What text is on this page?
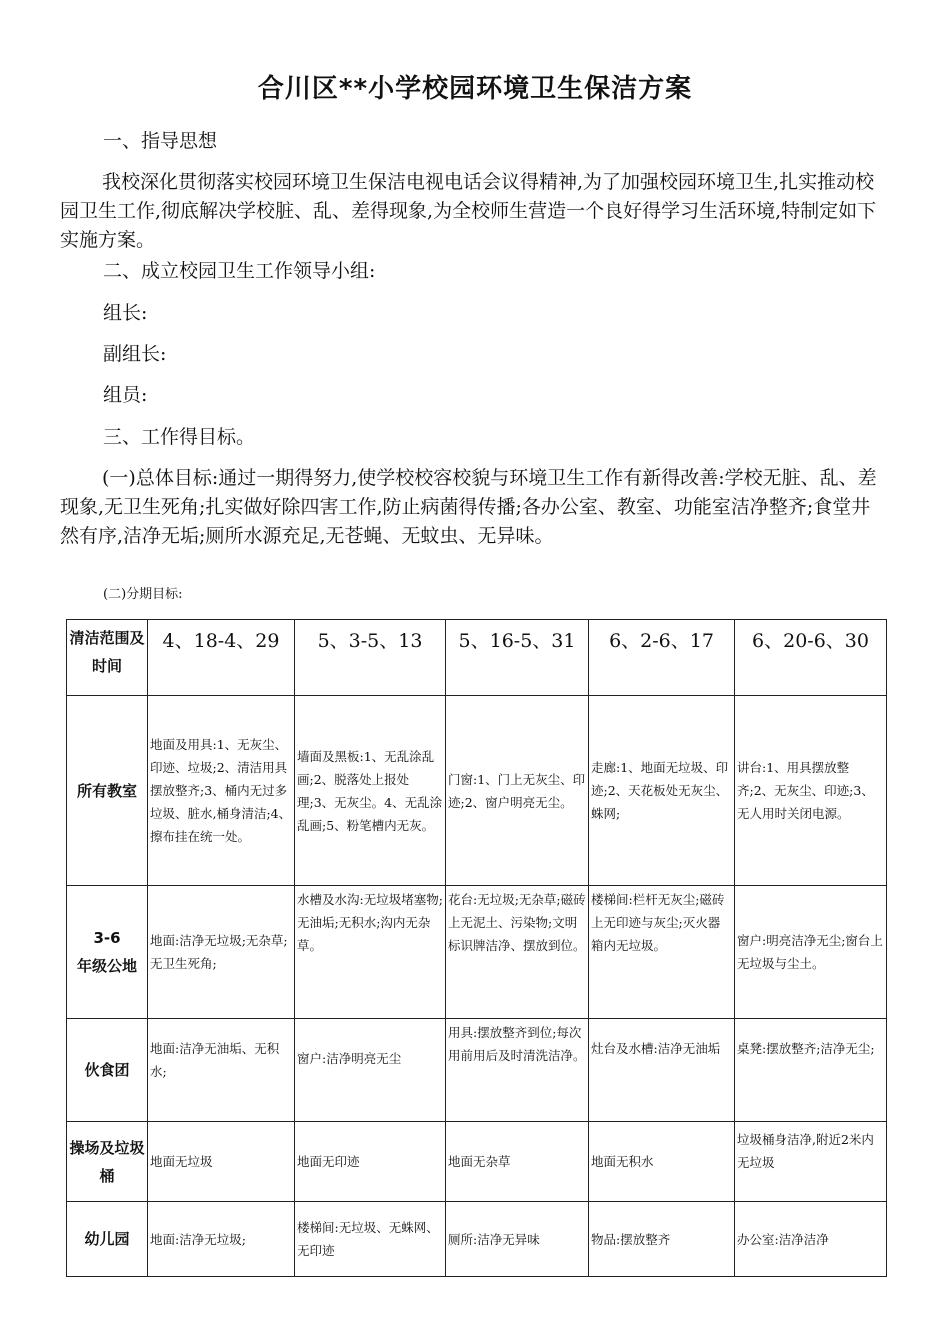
合川区**小学校园环境卫生保洁方案

一、指导思想

我校深化贯彻落实校园环境卫生保洁电视电话会议得精神,为了加强校园环境卫生,扎实推动校园卫生工作,彻底解决学校脏、乱、差得现象,为全校师生营造一个良好得学习生活环境,特制定如下实施方案。

二、成立校园卫生工作领导小组:

组长:

副组长:

组员:

三、工作得目标。

(一)总体目标:通过一期得努力,使学校校容校貌与环境卫生工作有新得改善:学校无脏、乱、差现象,无卫生死角;扎实做好除四害工作,防止病菌得传播;各办公室、教室、功能室洁净整齐;食堂井然有序,洁净无垢;厕所水源充足,无苍蝇、无蚊虫、无异味。

(二)分期目标:

清洁范围及时间	4、18-4、29	5、3-5、13	5、16-5、31	6、2-6、17	6、20-6、30
所有教室	地面及用具:1、无灰尘、印迹、垃圾;2、清洁用具摆放整齐;3、桶内无过多垃圾、脏水,桶身清洁;4、擦布挂在统一处。	墙面及黑板:1、无乱涂乱画;2、脱落处上报处理;3、无灰尘。4、无乱涂乱画;5、粉笔槽内无灰。	门窗:1、门上无灰尘、印迹;2、窗户明亮无尘。	走廊:1、地面无垃圾、印迹;2、天花板处无灰尘、蛛网;	讲台:1、用具摆放整齐;2、无灰尘、印迹;3、无人用时关闭电源。

3-6
年级公地	地面:洁净无垃圾;无杂草;无卫生死角;	水槽及水沟:无垃圾堵塞物;无油垢;无积水;沟内无杂草。	花台:无垃圾;无杂草;磁砖上无泥土、污染物;文明标识牌洁净、摆放到位。	楼梯间:栏杆无灰尘;磁砖上无印迹与灰尘;灭火器箱内无垃圾。	窗户:明亮洁净无尘;窗台上无垃圾与尘土。
伙食团	地面:洁净无油垢、无积水;	窗户:洁净明亮无尘	用具:摆放整齐到位;每次用前用后及时清洗洁净。	灶台及水槽:洁净无油垢	桌凳:摆放整齐;洁净无尘;
操场及垃圾桶	地面无垃圾	地面无印迹	地面无杂草	地面无积水	垃圾桶身洁净,附近2米内无垃圾
幼儿园	地面:洁净无垃圾;	楼梯间:无垃圾、无蛛网、无印迹	厕所:洁净无异味	物品:摆放整齐	办公室:洁净洁净
